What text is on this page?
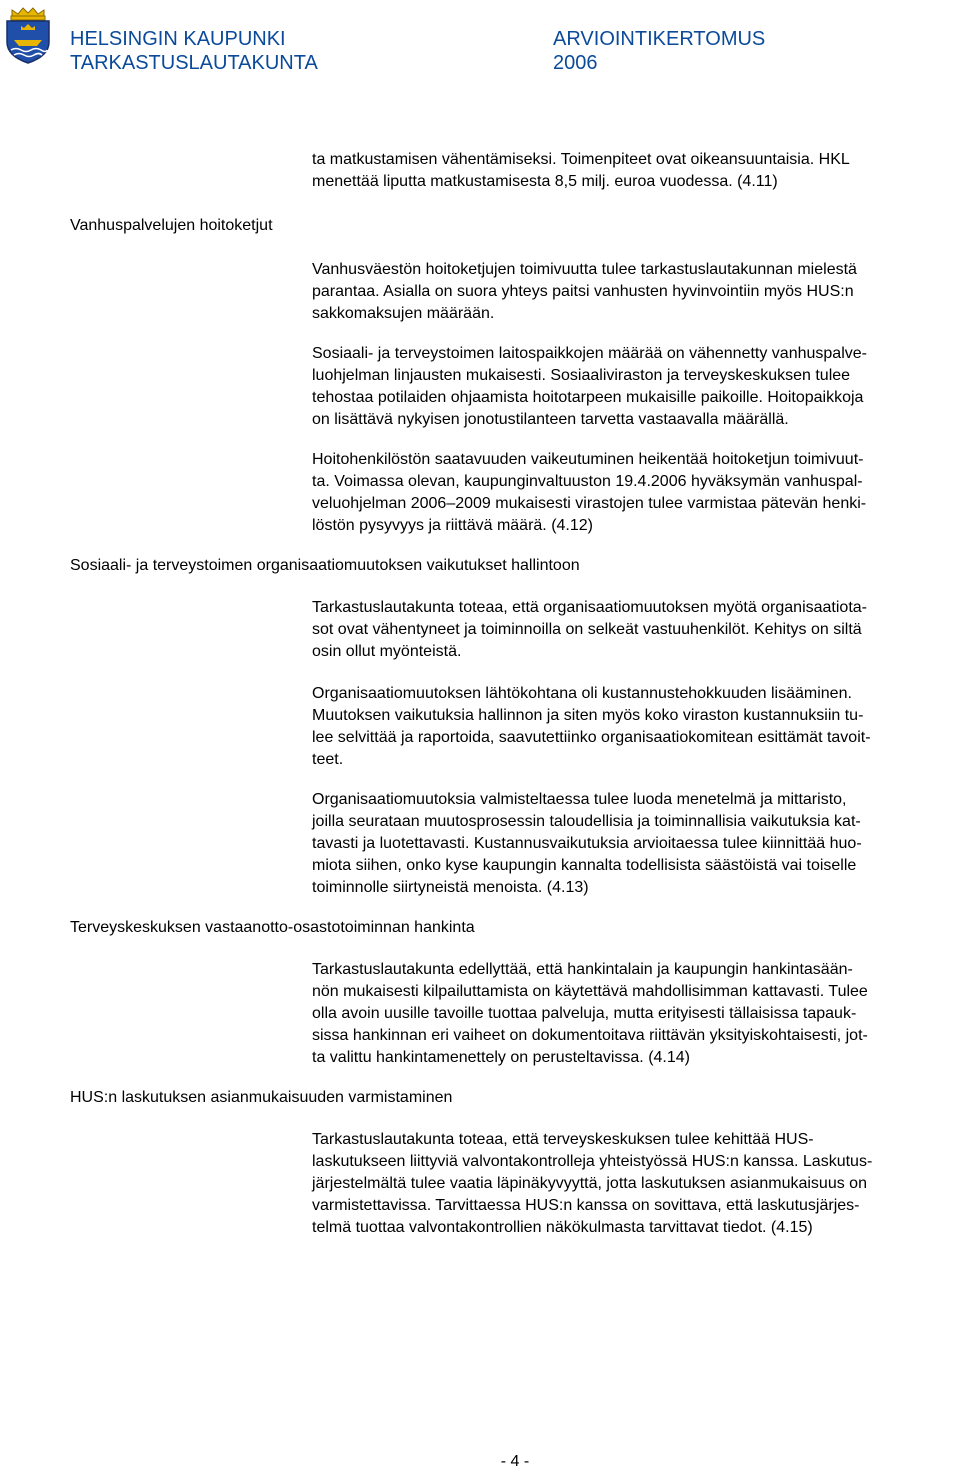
HELSINGIN KAUPUNKI
TARKASTUSLAUTAKUNTA
ARVIOINTIKERTOMUS
2006
ta matkustamisen vähentämiseksi. Toimenpiteet ovat oikeansuuntaisia. HKL
menettää liputta matkustamisesta 8,5 milj. euroa vuodessa. (4.11)
Vanhuspalvelujen hoitoketjut
Vanhusväestön hoitoketjujen toimivuutta tulee tarkastuslautakunnan mielestä
parantaa. Asialla on suora yhteys paitsi vanhusten hyvinvointiin myös HUS:n
sakkomaksujen määrään.
Sosiaali- ja terveystoimen laitospaikkojen määrää on vähennetty vanhuspalve-
luohjelman linjausten mukaisesti. Sosiaaliviraston ja terveyskeskuksen tulee
tehostaa potilaiden ohjaamista hoitotarpeen mukaisille paikoille. Hoitopaikkoja
on lisättävä nykyisen jonotustilanteen tarvetta vastaavalla määrällä.
Hoitohenkilöstön saatavuuden vaikeutuminen heikentää hoitoketjun toimivuut-
ta. Voimassa olevan, kaupunginvaltuuston 19.4.2006 hyväksymän vanhuspal-
veluohjelman 2006‒2009 mukaisesti virastojen tulee varmistaa pätevän henki-
löstön pysyvyys ja riittävä määrä. (4.12)
Sosiaali- ja terveystoimen organisaatiomuutoksen vaikutukset hallintoon
Tarkastuslautakunta toteaa, että organisaatiomuutoksen myötä organisaatiota-
sot ovat vähentyneet ja toiminnoilla on selkeät vastuuhenkilöt. Kehitys on siltä
osin ollut myönteistä.
Organisaatiomuutoksen lähtökohtana oli kustannustehokkuuden lisääminen.
Muutoksen vaikutuksia hallinnon ja siten myös koko viraston kustannuksiin tu-
lee selvittää ja raportoida, saavutettiinko organisaatiokomitean esittämät tavoit-
teet.
Organisaatiomuutoksia valmisteltaessa tulee luoda menetelmä ja mittaristo,
joilla seurataan muutosprosessin taloudellisia ja toiminnallisia vaikutuksia kat-
tavasti ja luotettavasti. Kustannusvaikutuksia arvioitaessa tulee kiinnittää huo-
miota siihen, onko kyse kaupungin kannalta todellisista säästöistä vai toiselle
toiminnolle siirtyneistä menoista. (4.13)
Terveyskeskuksen vastaanotto-osastotoiminnan hankinta
Tarkastuslautakunta edellyttää, että hankintalain ja kaupungin hankintasään-
nön mukaisesti kilpailuttamista on käytettävä mahdollisimman kattavasti. Tulee
olla avoin uusille tavoille tuottaa palveluja, mutta erityisesti tällaisissa tapauk-
sissa hankinnan eri vaiheet on dokumentoitava riittävän yksityiskohtaisesti, jot-
ta valittu hankintamenettely on perusteltavissa. (4.14)
HUS:n laskutuksen asianmukaisuuden varmistaminen
Tarkastuslautakunta toteaa, että terveyskeskuksen tulee kehittää HUS-
laskutukseen liittyviä valvontakontrolleja yhteistyössä HUS:n kanssa. Laskutus-
järjestelmältä tulee vaatia läpinäkyvyyttä, jotta laskutuksen asianmukaisuus on
varmistettavissa. Tarvittaessa HUS:n kanssa on sovittava, että laskutusjärjes-
telmä tuottaa valvontakontrollien näkökulmasta tarvittavat tiedot. (4.15)
- 4 -
